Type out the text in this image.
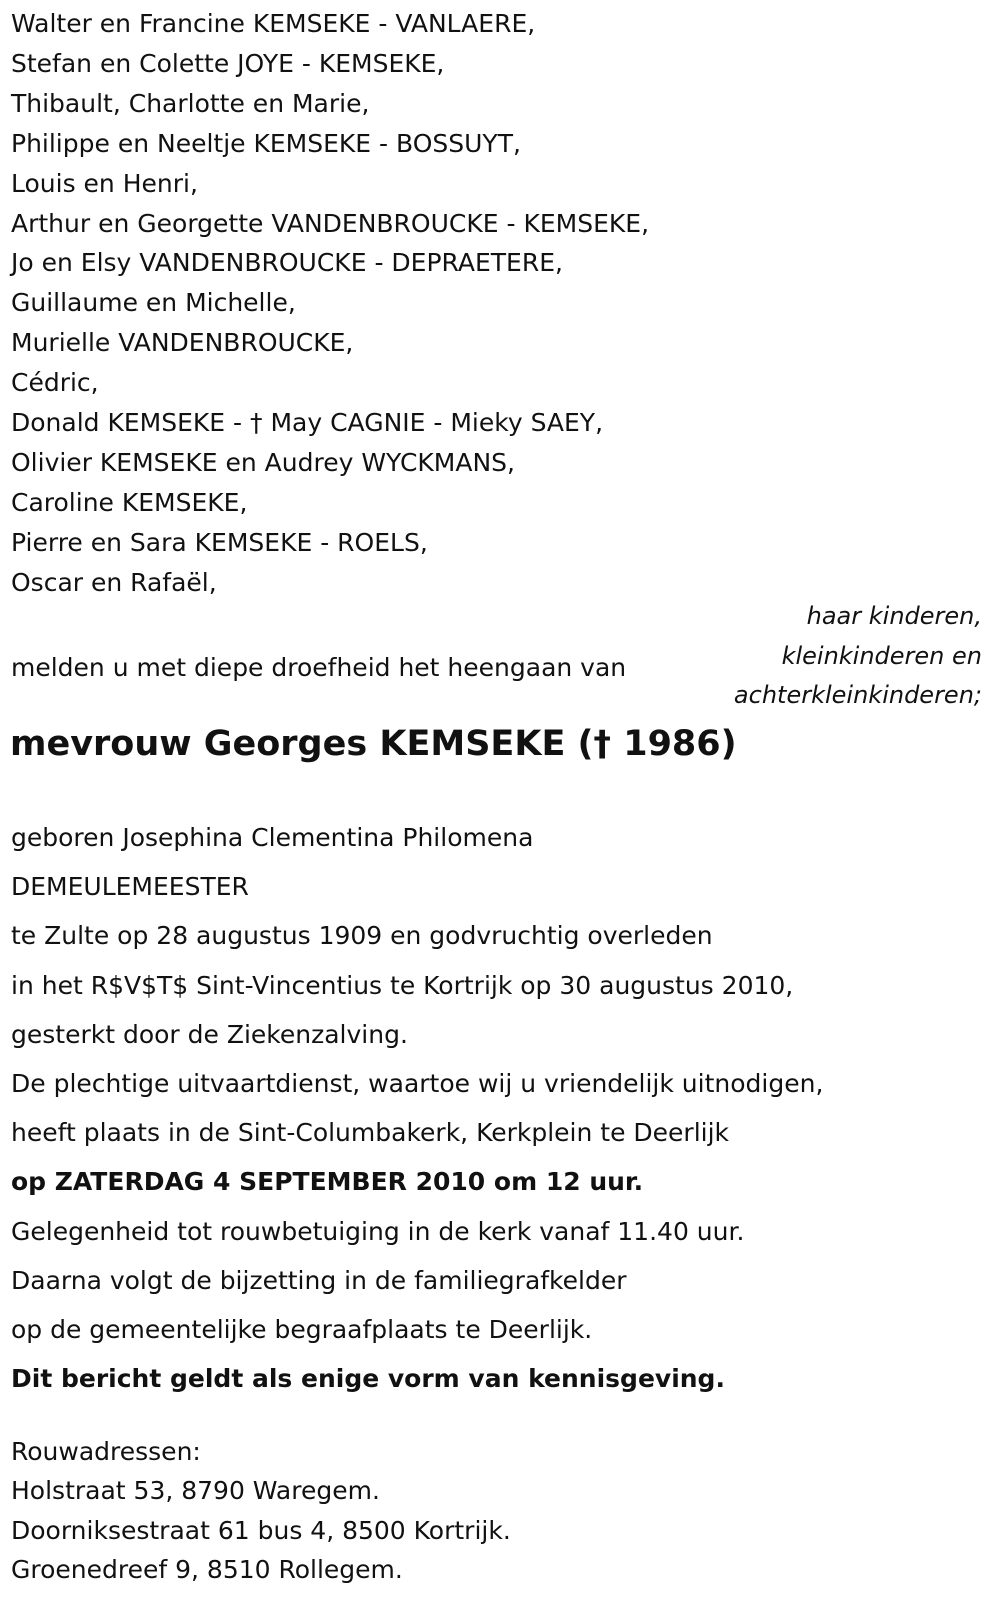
Walter en Francine KEMSEKE - VANLAERE,
Stefan en Colette JOYE - KEMSEKE,
Thibault, Charlotte en Marie,
Philippe en Neeltje KEMSEKE - BOSSUYT,
Louis en Henri,
Arthur en Georgette VANDENBROUCKE - KEMSEKE,
Jo en Elsy VANDENBROUCKE - DEPRAETERE,
Guillaume en Michelle,
Murielle VANDENBROUCKE,
Cédric,
Donald KEMSEKE - † May CAGNIE - Mieky SAEY,
Olivier KEMSEKE en Audrey WYCKMANS,
Caroline KEMSEKE,
Pierre en Sara KEMSEKE - ROELS,
Oscar en Rafaël,
haar kinderen,
kleinkinderen en
achterkleinkinderen;
melden u met diepe droefheid het heengaan van
mevrouw Georges KEMSEKE († 1986)
geboren Josephina Clementina Philomena
DEMEULEMEESTER
te Zulte op 28 augustus 1909 en godvruchtig overleden
in het R$V$T$ Sint-Vincentius te Kortrijk op 30 augustus 2010,
gesterkt door de Ziekenzalving.
De plechtige uitvaartdienst, waartoe wij u vriendelijk uitnodigen,
heeft plaats in de Sint-Columbakerk, Kerkplein te Deerlijk
op ZATERDAG 4 SEPTEMBER 2010 om 12 uur.
Gelegenheid tot rouwbetuiging in de kerk vanaf 11.40 uur.
Daarna volgt de bijzetting in de familiegrafkelder
op de gemeentelijke begraafplaats te Deerlijk.
Dit bericht geldt als enige vorm van kennisgeving.
Rouwadressen:
Holstraat 53, 8790 Waregem.
Doorniksestraat 61 bus 4, 8500 Kortrijk.
Groenedreef 9, 8510 Rollegem.
